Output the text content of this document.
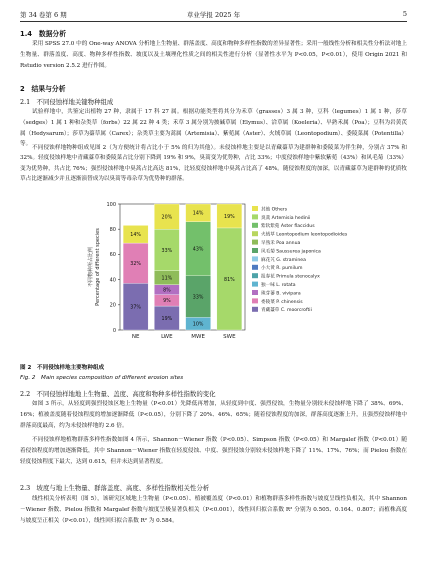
第 34 卷第 6 期	草业学报 2025 年	5
1.4　数据分析
采用 SPSS 27.0 中的 One-way ANOVA 分析地上生物量、群落盖度、高度和物种多样性指数的差异显著性；采用一般线性分析和相关性分析法对地上生物量、群落盖度、高度、物种多样性指数、坡度以及土壤理化性质之间的相关性进行分析（显著性水平为 P<0.05，P<0.01），使用 Origin 2021 和 Rstudio version 2.5.2 进行作图。
2　结果与分析
2.1　不同侵蚀样地关键物种组成
试验样地中，共鉴定出植物 27 种，隶属于 17 科 27 属。根据功能类型将其分为禾草（grasses）3 属 3 种，豆科（legumes）1 属 1 种，莎草（sedges）1 属 1 种和杂类草（forbs）22 属 22 种 4 类；禾草 3 属分别为披碱草属（Elymus）、洽草属（Koeleria）、早熟禾属（Poa）；豆科为岩黄芪属（Hedysarum）；莎草为薹草属（Carex）；杂类草主要为蒿属（Artemisia）、紫菀属（Aster）、火绒草属（Leontopodium）、委陵菜属（Potentilla）等。
不同侵蚀样地物种组成见图 2（为方便统计将占比小于 5% 的归为其他）。未侵蚀样地主要是以青藏薹草为建群种和委陵菜为伴生种，分别占 37% 和 32%。轻度侵蚀样地中青藏薹草和委陵菜占比分别下降到 19% 和 9%，臭蒿变为优势种，占比 33%；中度侵蚀样地中紫软紫菀（43%）和风毛菊（33%）变为优势种，共占比 76%；强烈侵蚀样地中臭蒿占比高达 81%，比轻度侵蚀样地中臭蒿占比高了 48%。随侵蚀程度的加深，以青藏薹草为建群种的优质牧草占比逐渐减少并且逐渐演替成为以臭蒿等毒杂草为优势种的群落。
0
20
40
60
80
100
不同物种所占比例 Percentage of different species
NE	LWE	MWE	SWE
37%
32%
14%
19%
9%
8%
11%
33%
20%
10%
33%
43%
14%
81%
19%
其他 Others
臭蒿 Artemisia hedinii
紫软紫菀 Aster flaccidus
火绒草 Leontopodium leontopodioides
早熟禾 Poa annua
风毛菊 Saussurea japonica
麻花艽 G. straminea
小大黄 R. pumilum
报春花 Primula stenocalyx
独一味 L. rotata
珠芽蓼 B. vivipara
委陵菜 P. chinensis
青藏薹草 C. moorcroftii
图 2　不同侵蚀样地主要物种组成
Fig. 2　Main species composition of different erosion sites
2.2　不同侵蚀样地地上生物量、盖度、高度和物种多样性指数的变化
如图 3 所示，从轻度到强烈侵蚀区地上生物量（P<0.01）先降低再增加，从轻度到中度、强烈侵蚀，生物量分别较未侵蚀样地下降了 38%、69%、16%；植被盖度随着侵蚀程度的增加逐渐降低（P<0.05），分别下降了 20%、46%、65%；随着侵蚀程度的加深，群落高度逐渐上升，且强烈侵蚀样地中群落高度最高，约为未侵蚀样地的 2.6 倍。
不同侵蚀样地植物群落多样性指数如图 4 所示，Shannon－Wiener 指数（P<0.05）、Simpson 指数（P<0.05）和 Margalef 指数（P<0.01）随着侵蚀程度的增加逐渐降低，其中 Shannon－Wiener 指数在轻度侵蚀、中度、强烈侵蚀分别较未侵蚀样地下降了 11%、17%、76%；而 Pielou 指数在轻度侵蚀程度下最大，达到 0.615，但并未达到显著程度。
2.3　坡度与地上生物量、群落盖度、高度、多样性指数相关性分析
线性相关分析表明（图 5），该研究区域地上生物量（P<0.05）、植被覆盖度（P<0.01）和植物群落多样性指数与坡度呈线性负相关，其中 Shannon－Wiener 指数、Pielou 指数和 Margalef 指数与坡度呈极显著负相关（P<0.001），线性回归拟合系数 R² 分别为 0.505、0.164、0.807；而植株高度与坡度呈正相关（P<0.01），线性回归拟合系数 R² 为 0.584。
